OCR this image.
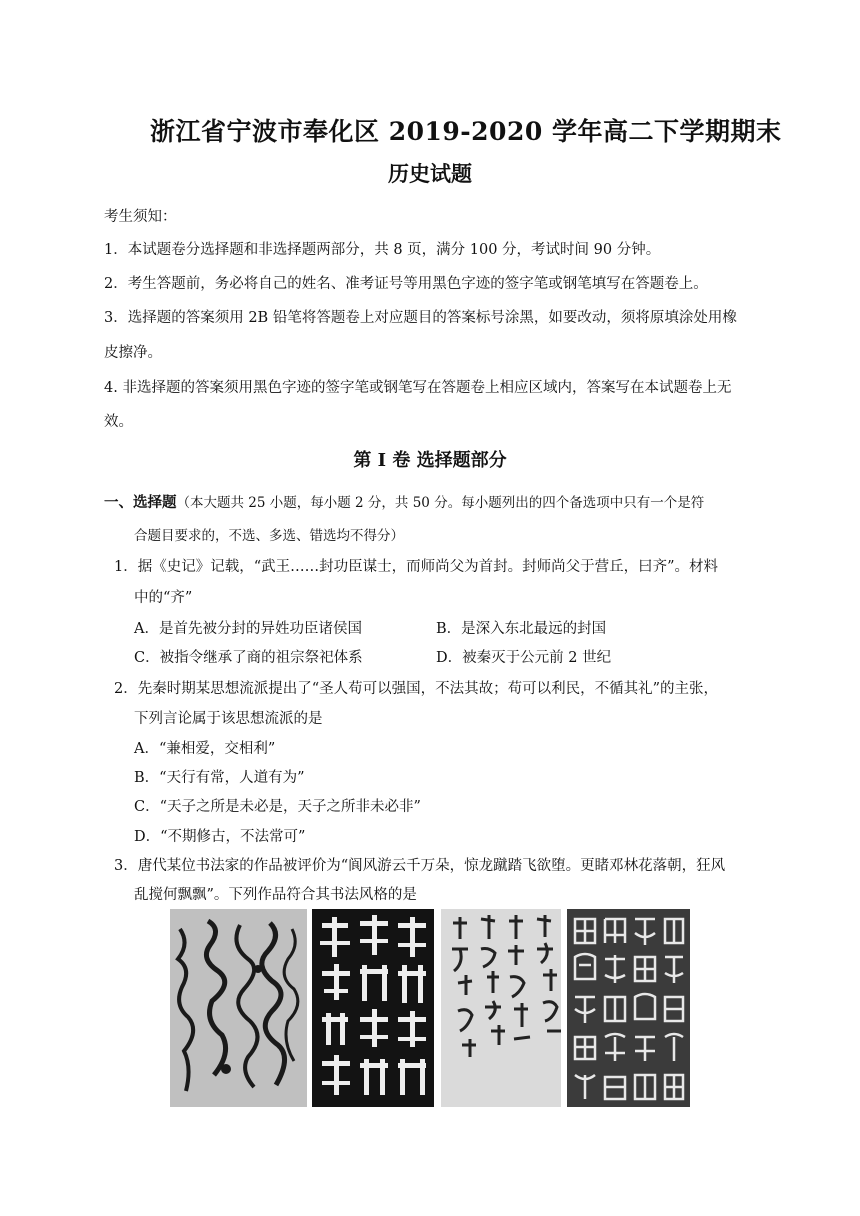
浙江省宁波市奉化区 2019-2020 学年高二下学期期末
历史试题
考生须知：
1．本试题卷分选择题和非选择题两部分，共 8 页，满分 100 分，考试时间 90 分钟。
2．考生答题前，务必将自己的姓名、准考证号等用黑色字迹的签字笔或钢笔填写在答题卷上。
3．选择题的答案须用 2B 铅笔将答题卷上对应题目的答案标号涂黑，如要改动，须将原填涂处用橡
皮擦净。
4. 非选择题的答案须用黑色字迹的签字笔或钢笔写在答题卷上相应区域内，答案写在本试题卷上无
效。
第 Ⅰ 卷 选择题部分
一、选择题（本大题共 25 小题，每小题 2 分，共 50 分。每小题列出的四个备选项中只有一个是符
合题目要求的，不选、多选、错选均不得分）
1．据《史记》记载，“武王……封功臣谋士，而师尚父为首封。封师尚父于营丘，曰齐”。材料
中的“齐”
A．是首先被分封的异姓功臣诸侯国	B．是深入东北最远的封国
C．被指令继承了商的祖宗祭祀体系	D．被秦灭于公元前 2 世纪
2．先秦时期某思想流派提出了“圣人苟可以强国，不法其故；苟可以利民，不循其礼”的主张，
下列言论属于该思想流派的是
A．“兼相爱，交相利”
B．“天行有常，人道有为”
C．“天子之所是未必是，天子之所非未必非”
D．“不期修古，不法常可”
3．唐代某位书法家的作品被评价为“阆风游云千万朵，惊龙蹴踏飞欲堕。更睹邓林花落朝，狂风
乱搅何飘飘”。下列作品符合其书法风格的是
